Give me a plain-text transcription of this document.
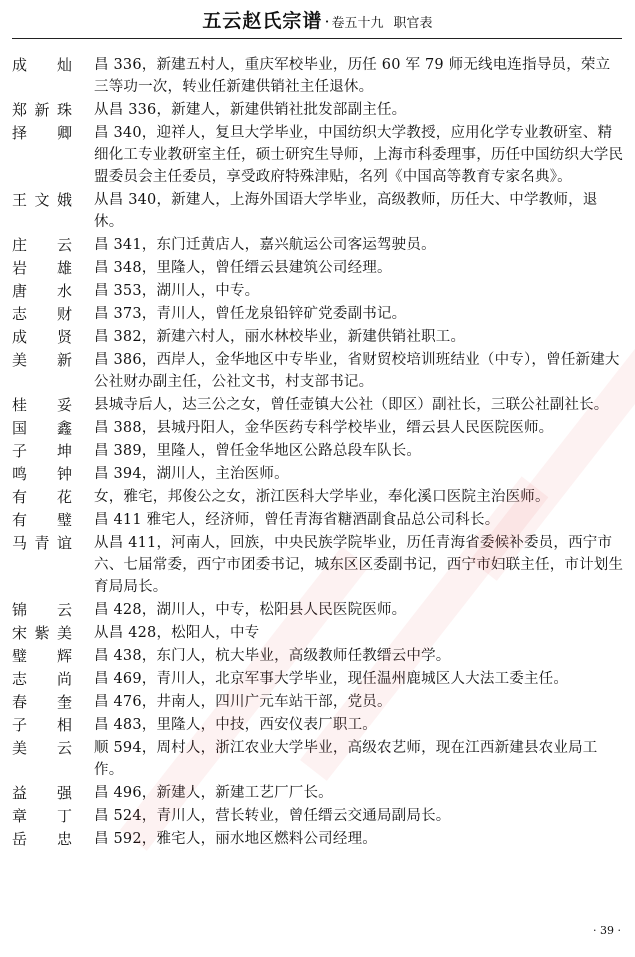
五云赵氏宗谱 · 卷五十九 职官表
成 灿	昌 336，新建五村人，重庆军校毕业，历任 60 军 79 师无线电连指导员，荣立三等功一次，转业任新建供销社主任退休。
郑新珠	从昌 336，新建人，新建供销社批发部副主任。
择 卿	昌 340，迎祥人，复旦大学毕业，中国纺织大学教授，应用化学专业教研室、精细化工专业教研室主任，硕士研究生导师，上海市科委理事，历任中国纺织大学民盟委员会主任委员，享受政府特殊津贴，名列《中国高等教育专家名典》。
王文娥	从昌 340，新建人，上海外国语大学毕业，高级教师，历任大、中学教师，退休。
庄 云	昌 341，东门迁黄店人，嘉兴航运公司客运驾驶员。
岩 雄	昌 348，里隆人，曾任缙云县建筑公司经理。
唐 水	昌 353，湖川人，中专。
志 财	昌 373，青川人，曾任龙泉铅锌矿党委副书记。
成 贤	昌 382，新建六村人，丽水林校毕业，新建供销社职工。
美 新	昌 386，西岸人，金华地区中专毕业，省财贸校培训班结业（中专），曾任新建大公社财办副主任，公社文书，村支部书记。
桂 妥	县城寺后人，达三公之女，曾任壶镇大公社（即区）副社长，三联公社副社长。
国 鑫	昌 388，县城丹阳人，金华医药专科学校毕业，缙云县人民医院医师。
子 坤	昌 389，里隆人，曾任金华地区公路总段车队长。
鸣 钟	昌 394，湖川人，主治医师。
有 花	女，雅宅，邦俊公之女，浙江医科大学毕业，奉化溪口医院主治医师。
有 璧	昌 411 雅宅人，经济师，曾任青海省糖酒副食品总公司科长。
马青谊	从昌 411，河南人，回族，中央民族学院毕业，历任青海省委候补委员，西宁市六、七届常委，西宁市团委书记，城东区区委副书记，西宁市妇联主任，市计划生育局局长。
锦 云	昌 428，湖川人，中专，松阳县人民医院医师。
宋紫美	从昌 428，松阳人，中专
璧 辉	昌 438，东门人，杭大毕业，高级教师任教缙云中学。
志 尚	昌 469，青川人，北京军事大学毕业，现任温州鹿城区人大法工委主任。
春 奎	昌 476，井南人，四川广元车站干部，党员。
子 相	昌 483，里隆人，中技，西安仪表厂职工。
美 云	顺 594，周村人，浙江农业大学毕业，高级农艺师，现在江西新建县农业局工作。
益 强	昌 496，新建人，新建工艺厂厂长。
章 丁	昌 524，青川人，营长转业，曾任缙云交通局副局长。
岳 忠	昌 592，雅宅人，丽水地区燃料公司经理。
· 39 ·
